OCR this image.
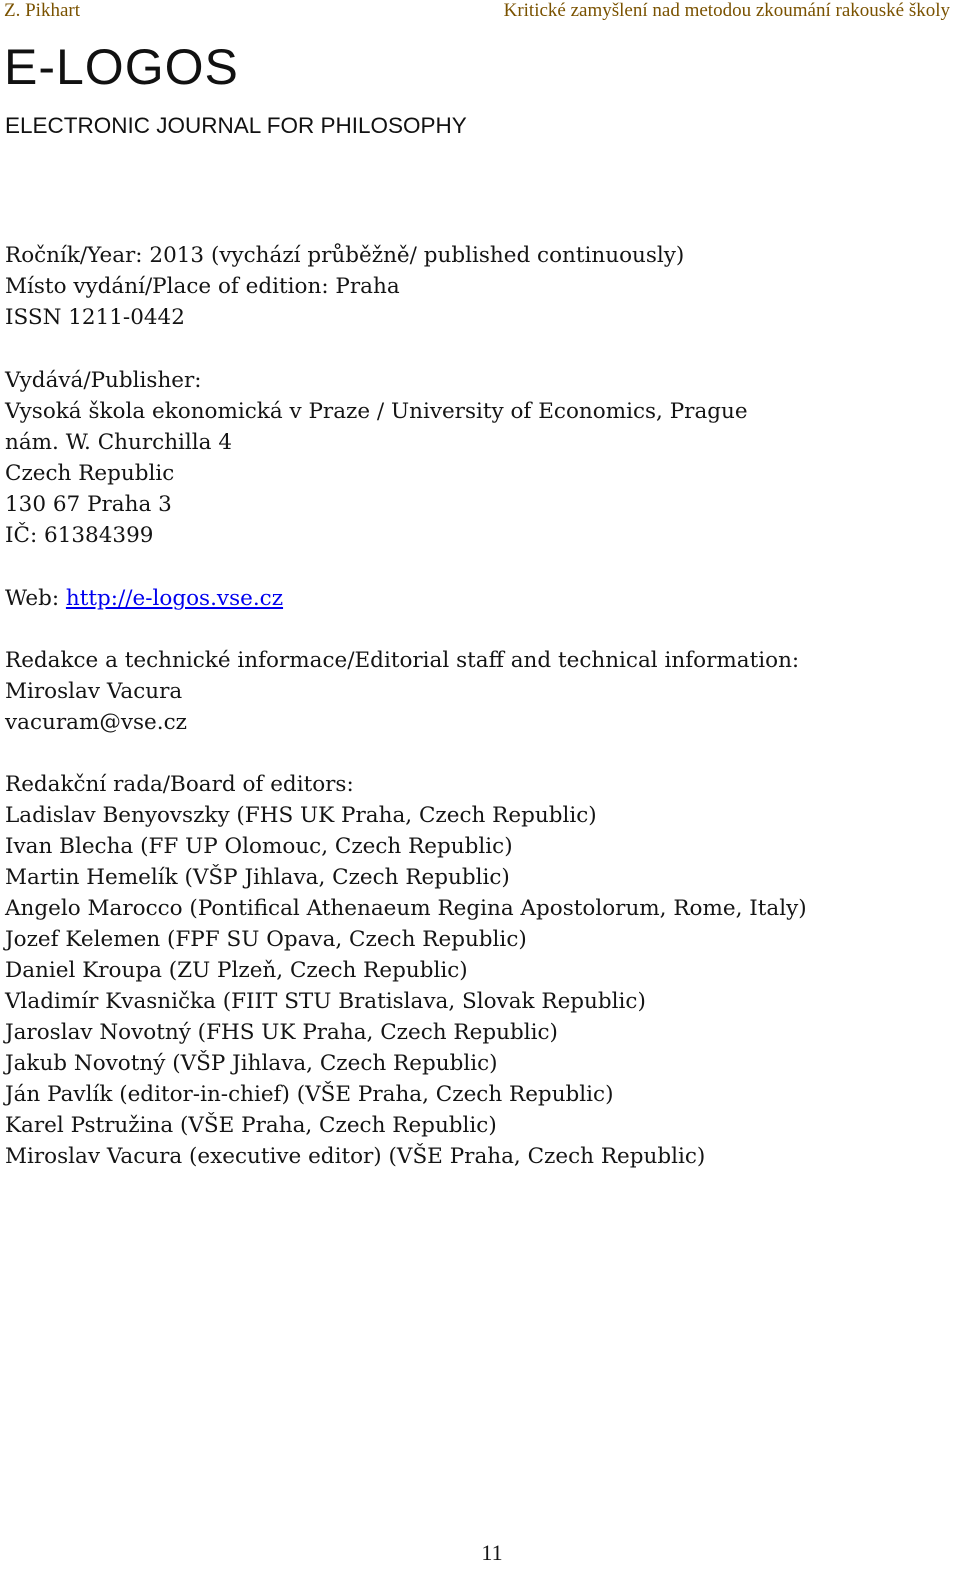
Z. Pikhart	Kritické zamyšlení nad metodou zkoumání rakouské školy
E-LOGOS
ELECTRONIC JOURNAL FOR PHILOSOPHY
Ročník/Year: 2013 (vychází průběžně/ published continuously)
Místo vydání/Place of edition: Praha
ISSN 1211-0442
Vydává/Publisher:
Vysoká škola ekonomická v Praze / University of Economics, Prague
nám. W. Churchilla 4
Czech Republic
130 67 Praha 3
IČ: 61384399
Web: http://e-logos.vse.cz
Redakce a technické informace/Editorial staff and technical information:
Miroslav Vacura
vacuram@vse.cz
Redakční rada/Board of editors:
Ladislav Benyovszky (FHS UK Praha, Czech Republic)
Ivan Blecha (FF UP Olomouc, Czech Republic)
Martin Hemelík (VŠP Jihlava, Czech Republic)
Angelo Marocco (Pontifical Athenaeum Regina Apostolorum, Rome, Italy)
Jozef Kelemen (FPF SU Opava, Czech Republic)
Daniel Kroupa (ZU Plzeň, Czech Republic)
Vladimír Kvasnička (FIIT STU Bratislava, Slovak Republic)
Jaroslav Novotný (FHS UK Praha, Czech Republic)
Jakub Novotný (VŠP Jihlava, Czech Republic)
Ján Pavlík (editor-in-chief) (VŠE Praha, Czech Republic)
Karel Pstružina (VŠE Praha, Czech Republic)
Miroslav Vacura (executive editor) (VŠE Praha, Czech Republic)
11
